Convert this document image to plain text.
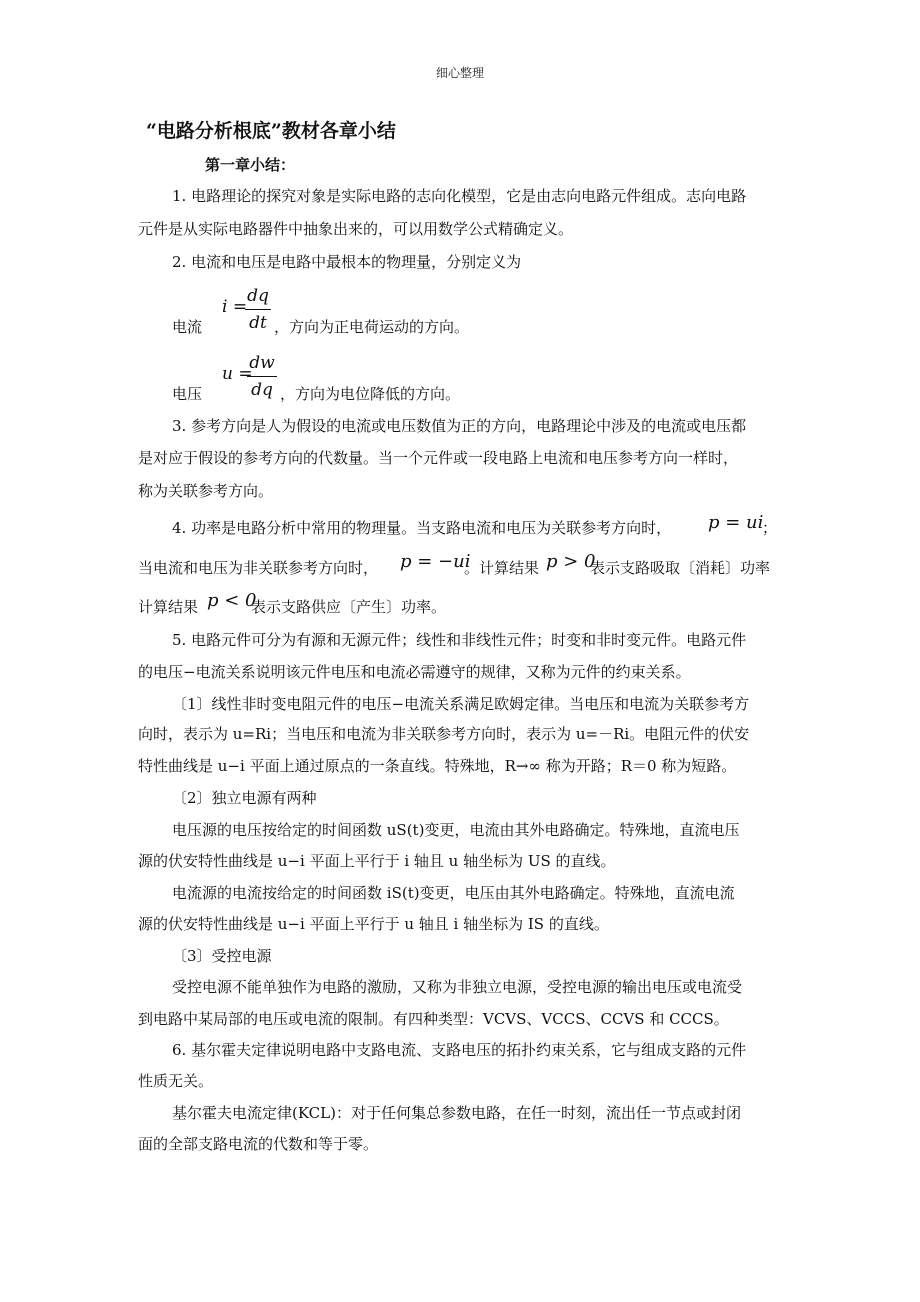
细心整理
“电路分析根底”教材各章小结
第一章小结：
1. 电路理论的探究对象是实际电路的志向化模型，它是由志向电路元件组成。志向电路
元件是从实际电路器件中抽象出来的，可以用数学公式精确定义。
2. 电流和电压是电路中最根本的物理量，分别定义为
电流
i =
dq
dt ，方向为正电荷运动的方向。
电压
u =
dw
dq ，方向为电位降低的方向。
3. 参考方向是人为假设的电流或电压数值为正的方向，电路理论中涉及的电流或电压都
是对应于假设的参考方向的代数量。当一个元件或一段电路上电流和电压参考方向一样时，
称为关联参考方向。
4. 功率是电路分析中常用的物理量。当支路电流和电压为关联参考方向时， p = ui
；
当电流和电压为非关联参考方向时， p = −ui
。计算结果 p > 0
表示支路吸取〔消耗〕功率
计算结果 p < 0
表示支路供应〔产生〕功率。
5. 电路元件可分为有源和无源元件；线性和非线性元件；时变和非时变元件。电路元件
的电压−电流关系说明该元件电压和电流必需遵守的规律，又称为元件的约束关系。
〔1〕线性非时变电阻元件的电压−电流关系满足欧姆定律。当电压和电流为关联参考方
向时，表示为 u=Ri；当电压和电流为非关联参考方向时，表示为 u=－Ri。电阻元件的伏安
特性曲线是 u−i 平面上通过原点的一条直线。特殊地，R→∞ 称为开路；R＝0 称为短路。
〔2〕独立电源有两种
电压源的电压按给定的时间函数 uS(t)变更，电流由其外电路确定。特殊地，直流电压
源的伏安特性曲线是 u−i 平面上平行于 i 轴且 u 轴坐标为 US 的直线。
电流源的电流按给定的时间函数 iS(t)变更，电压由其外电路确定。特殊地，直流电流
源的伏安特性曲线是 u−i 平面上平行于 u 轴且 i 轴坐标为 IS 的直线。
〔3〕受控电源
受控电源不能单独作为电路的激励，又称为非独立电源，受控电源的输出电压或电流受
到电路中某局部的电压或电流的限制。有四种类型：VCVS、VCCS、CCVS 和 CCCS。
6. 基尔霍夫定律说明电路中支路电流、支路电压的拓扑约束关系，它与组成支路的元件
性质无关。
基尔霍夫电流定律(KCL)：对于任何集总参数电路，在任一时刻，流出任一节点或封闭
面的全部支路电流的代数和等于零。
